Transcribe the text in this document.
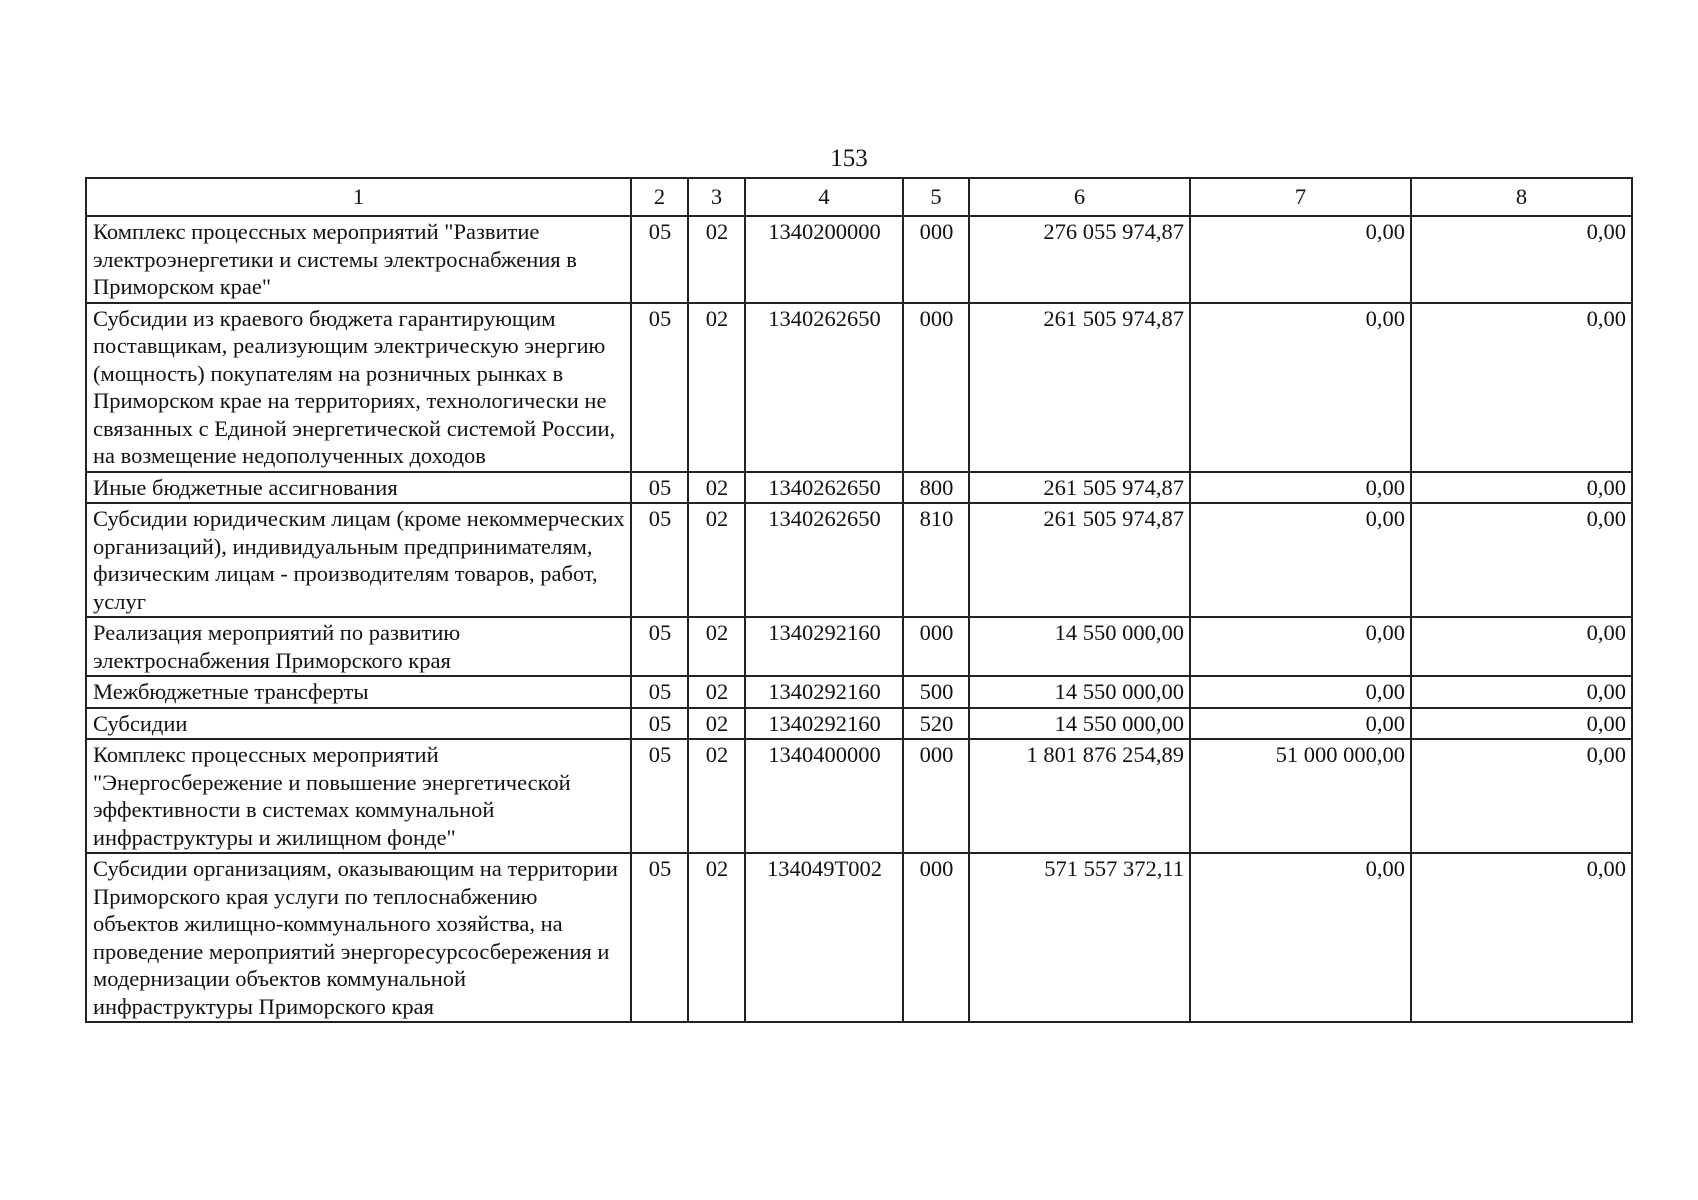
153
1	2	3	4	5	6	7	8
Комплекс процессных мероприятий "Развитие электроэнергетики и системы электроснабжения в Приморском крае"	05	02	1340200000	000	276 055 974,87	0,00	0,00
Субсидии из краевого бюджета гарантирующим поставщикам, реализующим электрическую энергию (мощность) покупателям на розничных рынках в Приморском крае на территориях, технологически не связанных с Единой энергетической системой России, на возмещение недополученных доходов	05	02	1340262650	000	261 505 974,87	0,00	0,00
Иные бюджетные ассигнования	05	02	1340262650	800	261 505 974,87	0,00	0,00
Субсидии юридическим лицам (кроме некоммерческих организаций), индивидуальным предпринимателям, физическим лицам - производителям товаров, работ, услуг	05	02	1340262650	810	261 505 974,87	0,00	0,00
Реализация мероприятий по развитию электроснабжения Приморского края	05	02	1340292160	000	14 550 000,00	0,00	0,00
Межбюджетные трансферты	05	02	1340292160	500	14 550 000,00	0,00	0,00
Субсидии	05	02	1340292160	520	14 550 000,00	0,00	0,00
Комплекс процессных мероприятий "Энергосбережение и повышение энергетической эффективности в системах коммунальной инфраструктуры и жилищном фонде"	05	02	1340400000	000	1 801 876 254,89	51 000 000,00	0,00
Субсидии организациям, оказывающим на территории Приморского края услуги по теплоснабжению объектов жилищно-коммунального хозяйства, на проведение мероприятий энергоресурсосбережения и модернизации объектов коммунальной инфраструктуры Приморского края	05	02	134049T002	000	571 557 372,11	0,00	0,00
